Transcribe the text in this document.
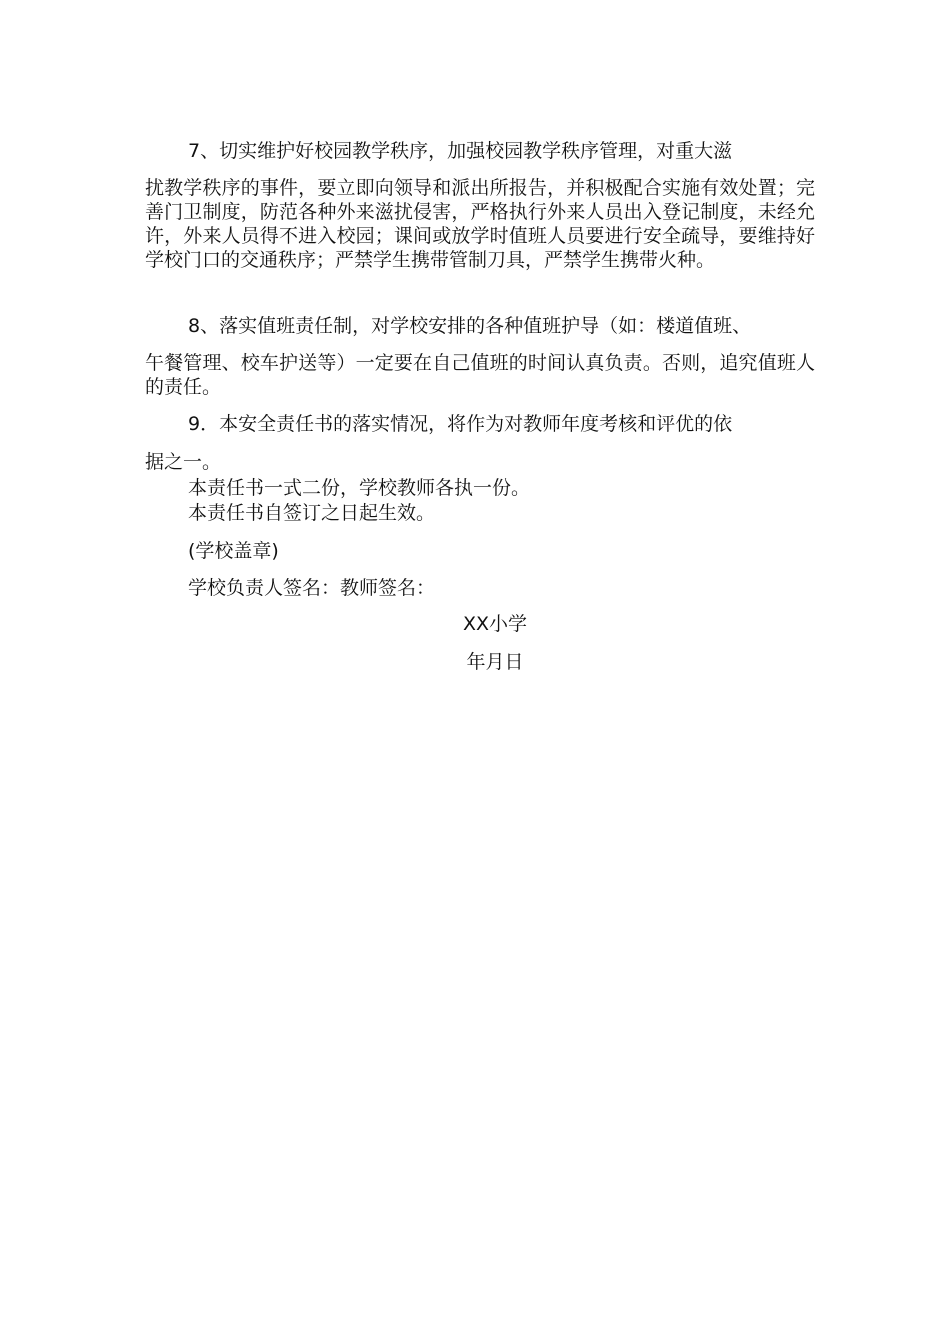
7、切实维护好校园教学秩序，加强校园教学秩序管理，对重大滋
扰教学秩序的事件，要立即向领导和派出所报告，并积极配合实施有效处置；完善门卫制度，防范各种外来滋扰侵害，严格执行外来人员出入登记制度，未经允许，外来人员得不进入校园；课间或放学时值班人员要进行安全疏导，要维持好学校门口的交通秩序；严禁学生携带管制刀具，严禁学生携带火种。
8、落实值班责任制，对学校安排的各种值班护导（如：楼道值班、
午餐管理、校车护送等）一定要在自己值班的时间认真负责。否则，追究值班人的责任。
9．本安全责任书的落实情况，将作为对教师年度考核和评优的依
据之一。
本责任书一式二份，学校教师各执一份。
本责任书自签订之日起生效。
(学校盖章)
学校负责人签名：教师签名：
XX小学
年月日
